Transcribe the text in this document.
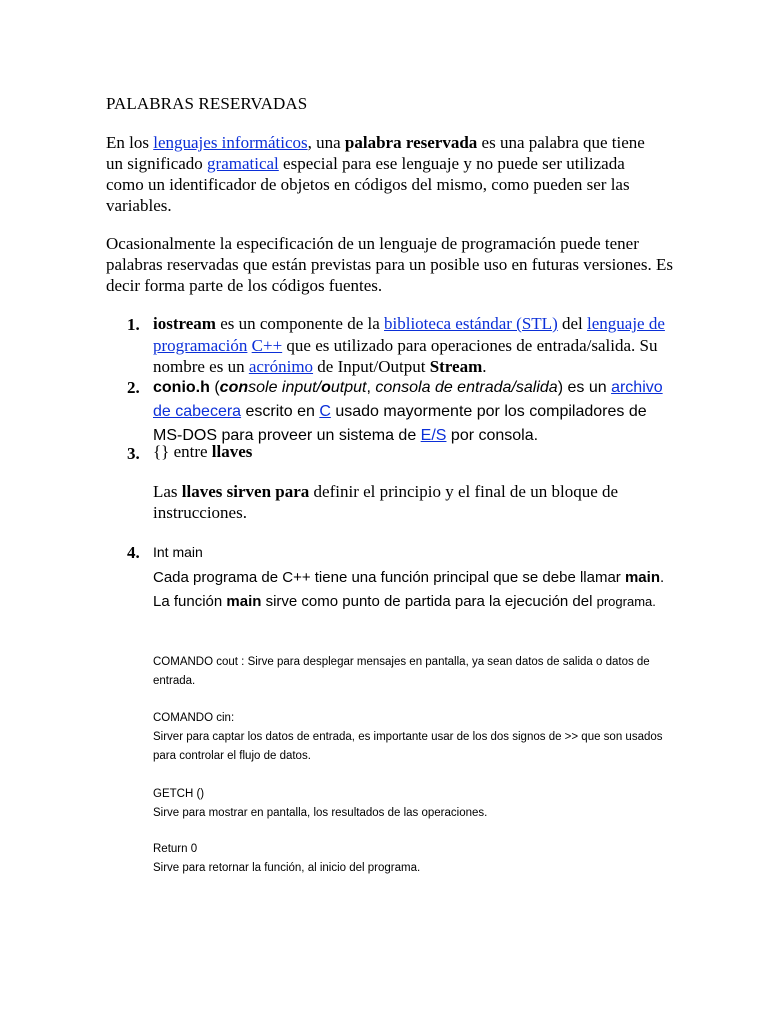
PALABRAS RESERVADAS

En los lenguajes informáticos, una palabra reservada es una palabra que tiene un significado gramatical especial para ese lenguaje y no puede ser utilizada como un identificador de objetos en códigos del mismo, como pueden ser las variables.

Ocasionalmente la especificación de un lenguaje de programación puede tener palabras reservadas que están previstas para un posible uso en futuras versiones. Es decir forma parte de los códigos fuentes.

1. iostream es un componente de la biblioteca estándar (STL) del lenguaje de programación C++ que es utilizado para operaciones de entrada/salida. Su nombre es un acrónimo de Input/Output Stream.

2. conio.h (console input/output, consola de entrada/salida) es un archivo de cabecera escrito en C usado mayormente por los compiladores de MS-DOS para proveer un sistema de E/S por consola.

3. {} entre llaves

Las llaves sirven para definir el principio y el final de un bloque de instrucciones.

4. Int main

Cada programa de C++ tiene una función principal que se debe llamar main. La función main sirve como punto de partida para la ejecución del programa.

COMANDO cout : Sirve para desplegar mensajes en pantalla, ya sean datos de salida o datos de entrada.

COMANDO cin:
Sirver para captar los datos de entrada, es importante usar de los dos signos de >> que son usados para controlar el flujo de datos.
GETCH ()
Sirve para mostrar en pantalla, los resultados de las operaciones.
Return 0
Sirve para retornar la función, al inicio del programa.
